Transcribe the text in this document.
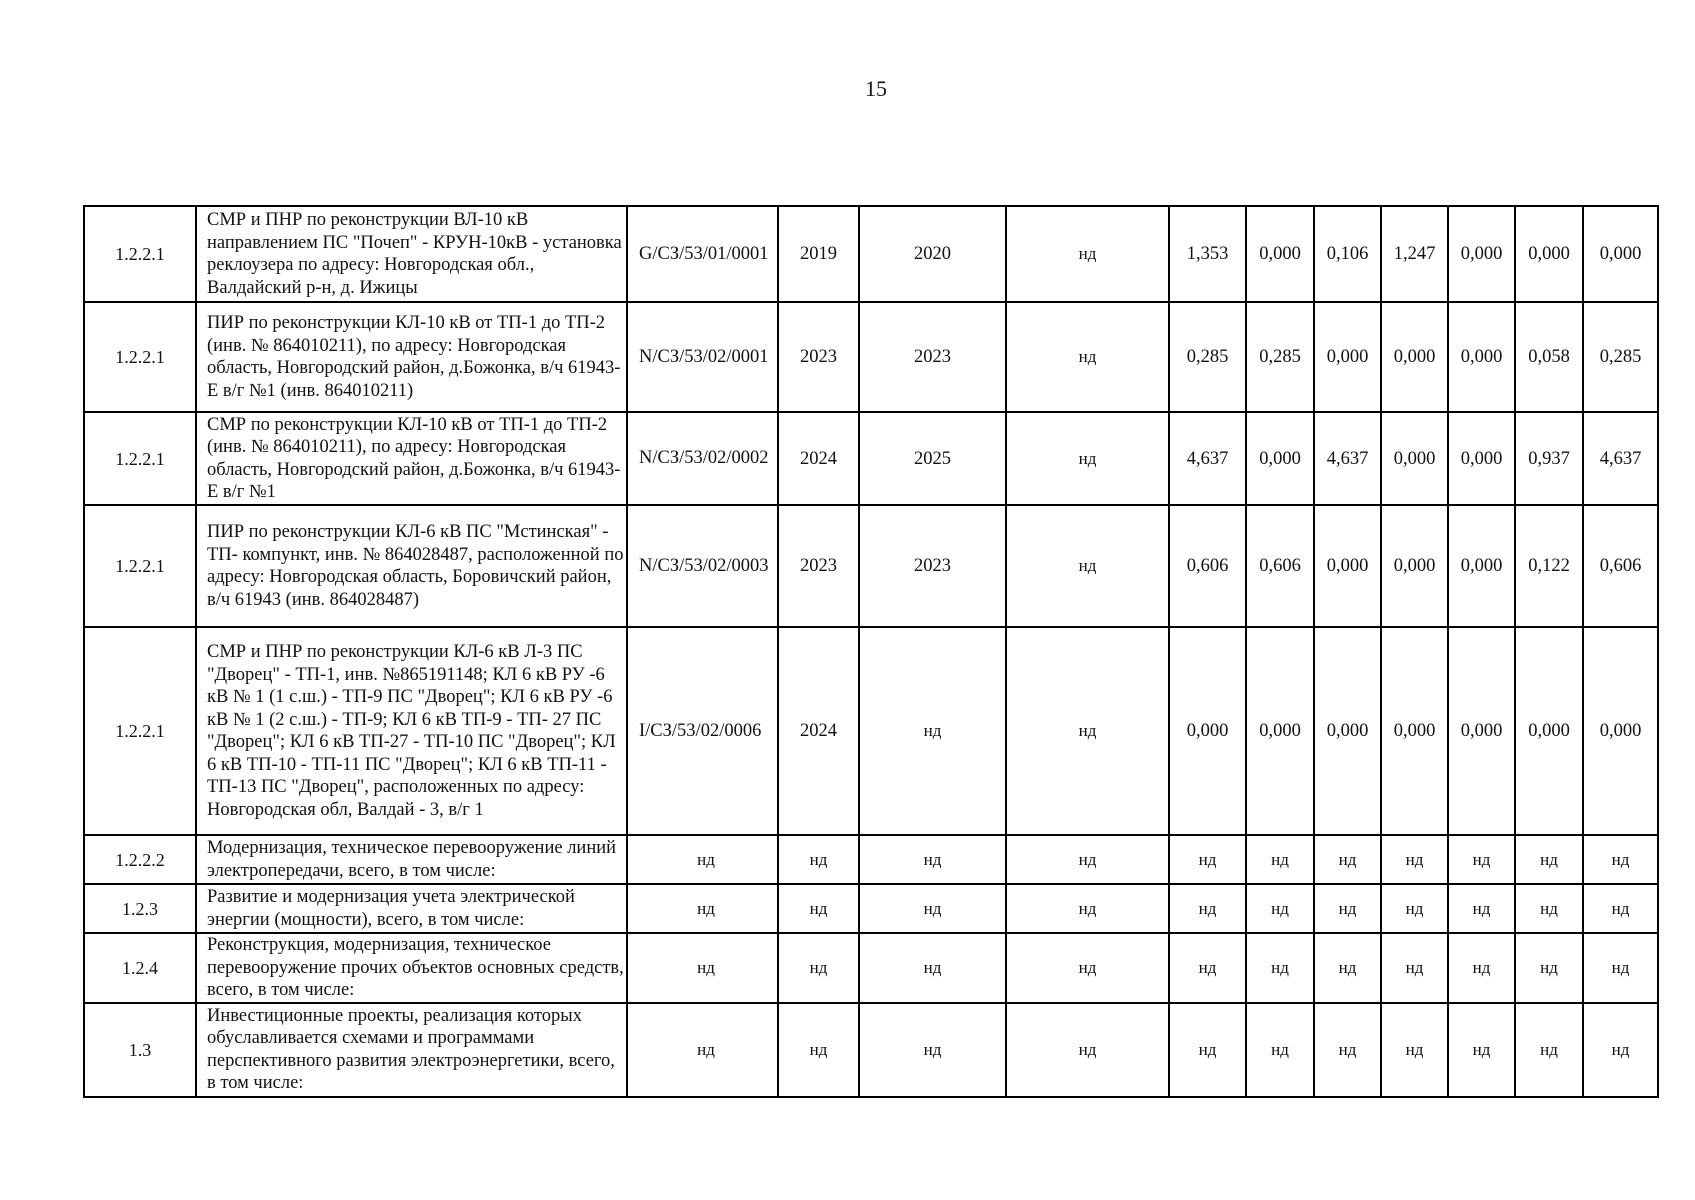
15
1.2.2.1	СМР и ПНР по реконструкции ВЛ-10 кВ направлением ПС "Почеп" - КРУН-10кВ - установка реклоузера по адресу: Новгородская обл., Валдайский р-н, д. Ижицы	G/СЗ/53/01/0001	2019	2020	нд	1,353	0,000	0,106	1,247	0,000	0,000	0,000
1.2.2.1	ПИР по реконструкции КЛ-10 кВ от ТП-1 до ТП-2 (инв. № 864010211), по адресу: Новгородская область, Новгородский район, д.Божонка, в/ч 61943-Е в/г №1 (инв. 864010211)	N/СЗ/53/02/0001	2023	2023	нд	0,285	0,285	0,000	0,000	0,000	0,058	0,285
1.2.2.1	СМР по реконструкции КЛ-10 кВ от ТП-1 до ТП-2 (инв. № 864010211), по адресу: Новгородская область, Новгородский район, д.Божонка, в/ч 61943-Е в/г №1	N/СЗ/53/02/0002	2024	2025	нд	4,637	0,000	4,637	0,000	0,000	0,937	4,637
1.2.2.1	ПИР по реконструкции КЛ-6 кВ ПС "Мстинская" - ТП- компункт, инв. № 864028487, расположенной по адресу: Новгородская область, Боровичский район, в/ч 61943 (инв. 864028487)	N/СЗ/53/02/0003	2023	2023	нд	0,606	0,606	0,000	0,000	0,000	0,122	0,606
1.2.2.1	СМР и ПНР по реконструкции КЛ-6 кВ Л-3 ПС "Дворец" - ТП-1, инв. №865191148; КЛ 6 кВ РУ -6 кВ № 1 (1 с.ш.) - ТП-9 ПС "Дворец"; КЛ 6 кВ РУ -6 кВ № 1 (2 с.ш.) - ТП-9; КЛ 6 кВ ТП-9 - ТП- 27 ПС "Дворец"; КЛ 6 кВ ТП-27 - ТП-10 ПС "Дворец"; КЛ 6 кВ ТП-10 - ТП-11 ПС "Дворец"; КЛ 6 кВ ТП-11 - ТП-13 ПС "Дворец", расположенных по адресу: Новгородская обл, Валдай - 3, в/г 1	I/СЗ/53/02/0006	2024	нд	нд	0,000	0,000	0,000	0,000	0,000	0,000	0,000
1.2.2.2	Модернизация, техническое перевооружение линий электропередачи, всего, в том числе:	нд	нд	нд	нд	нд	нд	нд	нд	нд	нд	нд
1.2.3	Развитие и модернизация учета электрической энергии (мощности), всего, в том числе:	нд	нд	нд	нд	нд	нд	нд	нд	нд	нд	нд
1.2.4	Реконструкция, модернизация, техническое перевооружение прочих объектов основных средств, всего, в том числе:	нд	нд	нд	нд	нд	нд	нд	нд	нд	нд	нд
1.3	Инвестиционные проекты, реализация которых обуславливается схемами и программами перспективного развития электроэнергетики, всего, в том числе:	нд	нд	нд	нд	нд	нд	нд	нд	нд	нд	нд
